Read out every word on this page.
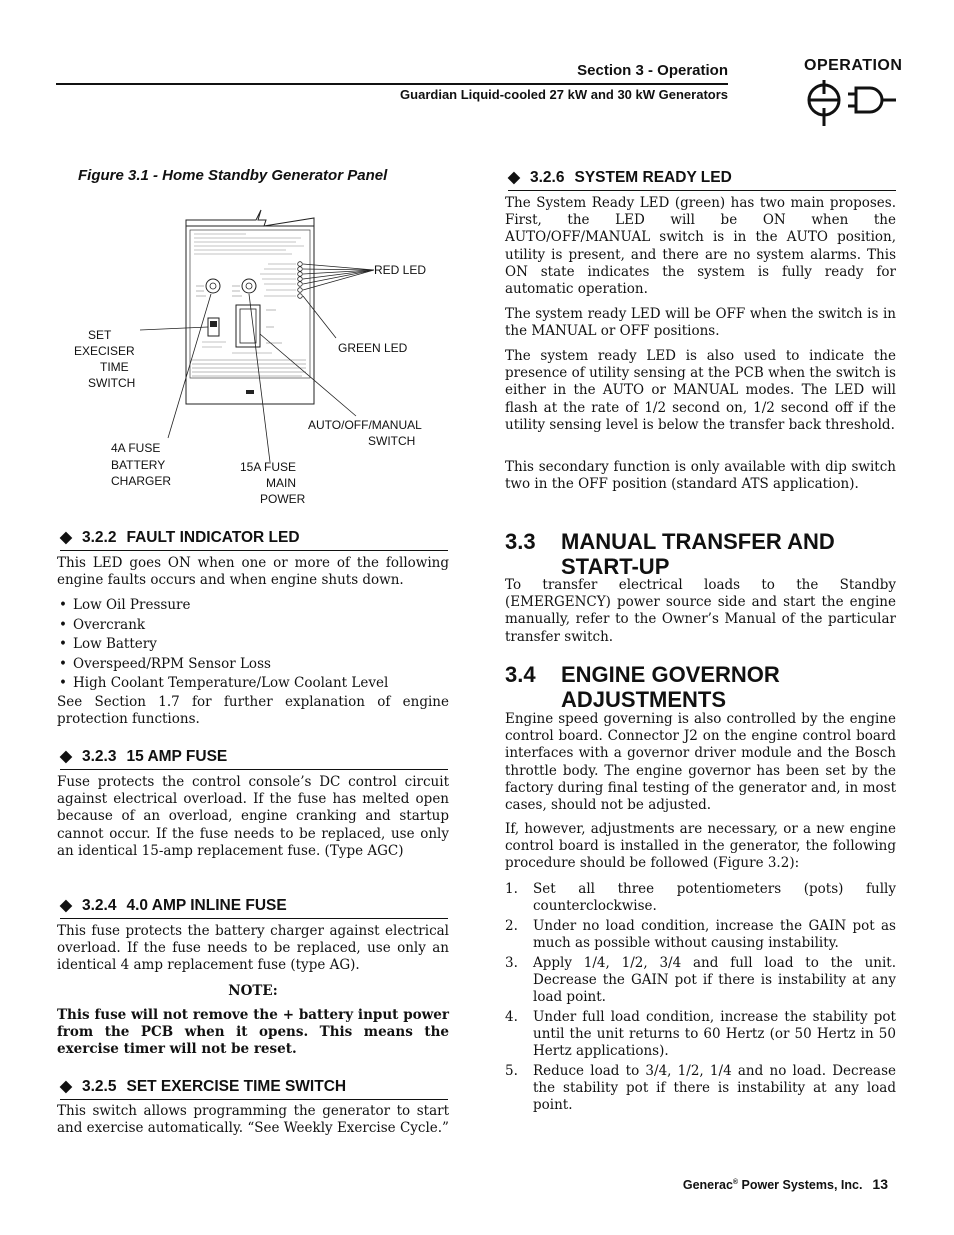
Section 3 - Operation
Guardian Liquid-cooled 27 kW and 30 kW Generators
OPERATION
Figure 3.1 - Home Standby Generator Panel
RED LED
GREEN LED
SET
EXECISER
TIME
SWITCH
AUTO/OFF/MANUAL
SWITCH
4A FUSE
BATTERY
CHARGER
15A FUSE
MAIN
POWER
◆ 3.2.2 FAULT INDICATOR LED

This LED goes ON when one or more of the following engine faults occurs and when engine shuts down.

• Low Oil Pressure
• Overcrank
• Low Battery
• Overspeed/RPM Sensor Loss
• High Coolant Temperature/Low Coolant Level

See Section 1.7 for further explanation of engine protection functions.

◆ 3.2.3 15 AMP FUSE

Fuse protects the control console’s DC control circuit against electrical overload. If the fuse has melted open because of an overload, engine cranking and startup cannot occur. If the fuse needs to be replaced, use only an identical 15-amp replacement fuse. (Type AGC)

◆ 3.2.4 4.0 AMP INLINE FUSE

This fuse protects the battery charger against electrical overload. If the fuse needs to be replaced, use only an identical 4 amp replacement fuse (type AG).

NOTE:

This fuse will not remove the + battery input power from the PCB when it opens. This means the exercise timer will not be reset.

◆ 3.2.5 SET EXERCISE TIME SWITCH

This switch allows programming the generator to start and exercise automatically. “See Weekly Exercise Cycle.”

◆ 3.2.6 SYSTEM READY LED

The System Ready LED (green) has two main proposes. First, the LED will be ON when the AUTO/OFF/MANUAL switch is in the AUTO position, utility is present, and there are no system alarms. This ON state indicates the system is fully ready for automatic operation.

The system ready LED will be OFF when the switch is in the MANUAL or OFF positions.

The system ready LED is also used to indicate the presence of utility sensing at the PCB when the switch is either in the AUTO or MANUAL modes. The LED will flash at the rate of 1/2 second on, 1/2 second off if the utility sensing level is below the transfer back threshold.

This secondary function is only available with dip switch two in the OFF position (standard ATS application).

3.3 MANUAL TRANSFER AND
START-UP

To transfer electrical loads to the Standby (EMERGENCY) power source side and start the engine manually, refer to the Owner’s Manual of the particular transfer switch.

3.4 ENGINE GOVERNOR
ADJUSTMENTS

Engine speed governing is also controlled by the engine control board. Connector J2 on the engine control board interfaces with a governor driver module and the Bosch throttle body. The engine governor has been set by the factory during final testing of the generator and, in most cases, should not be adjusted.

If, however, adjustments are necessary, or a new engine control board is installed in the generator, the following procedure should be followed (Figure 3.2):

1. Set all three potentiometers (pots) fully counterclockwise.
2. Under no load condition, increase the GAIN pot as much as possible without causing instability.
3. Apply 1/4, 1/2, 3/4 and full load to the unit. Decrease the GAIN pot if there is instability at any load point.
4. Under full load condition, increase the stability pot until the unit returns to 60 Hertz (or 50 Hertz in 50 Hertz applications).
5. Reduce load to 3/4, 1/2, 1/4 and no load. Decrease the stability pot if there is instability at any load point.
Generac® Power Systems, Inc. 13
